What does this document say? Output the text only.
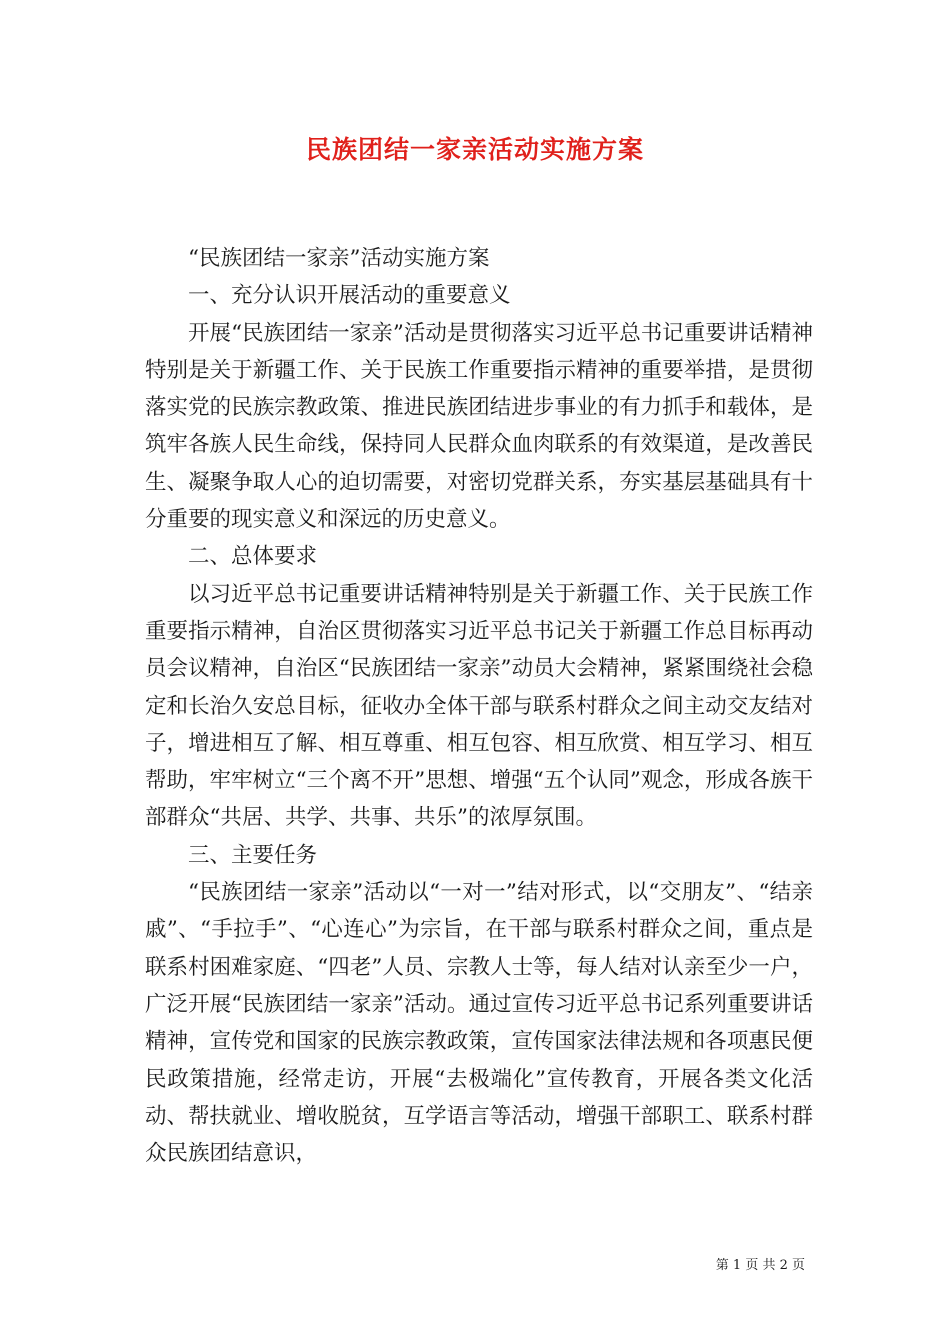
民族团结一家亲活动实施方案

“民族团结一家亲”活动实施方案

一、充分认识开展活动的重要意义

开展“民族团结一家亲”活动是贯彻落实习近平总书记重要讲话精神特别是关于新疆工作、关于民族工作重要指示精神的重要举措，是贯彻落实党的民族宗教政策、推进民族团结进步事业的有力抓手和载体，是筑牢各族人民生命线，保持同人民群众血肉联系的有效渠道，是改善民生、凝聚争取人心的迫切需要，对密切党群关系，夯实基层基础具有十分重要的现实意义和深远的历史意义。

二、总体要求

以习近平总书记重要讲话精神特别是关于新疆工作、关于民族工作重要指示精神，自治区贯彻落实习近平总书记关于新疆工作总目标再动员会议精神，自治区“民族团结一家亲”动员大会精神，紧紧围绕社会稳定和长治久安总目标，征收办全体干部与联系村群众之间主动交友结对子，增进相互了解、相互尊重、相互包容、相互欣赏、相互学习、相互帮助，牢牢树立“三个离不开”思想、增强“五个认同”观念，形成各族干部群众“共居、共学、共事、共乐”的浓厚氛围。

三、主要任务

“民族团结一家亲”活动以“一对一”结对形式，以“交朋友”、“结亲戚”、“手拉手”、“心连心”为宗旨，在干部与联系村群众之间，重点是联系村困难家庭、“四老”人员、宗教人士等，每人结对认亲至少一户，广泛开展“民族团结一家亲”活动。通过宣传习近平总书记系列重要讲话精神，宣传党和国家的民族宗教政策，宣传国家法律法规和各项惠民便民政策措施，经常走访，开展“去极端化”宣传教育，开展各类文化活动、帮扶就业、增收脱贫，互学语言等活动，增强干部职工、联系村群众民族团结意识，

第 1 页 共 2 页
